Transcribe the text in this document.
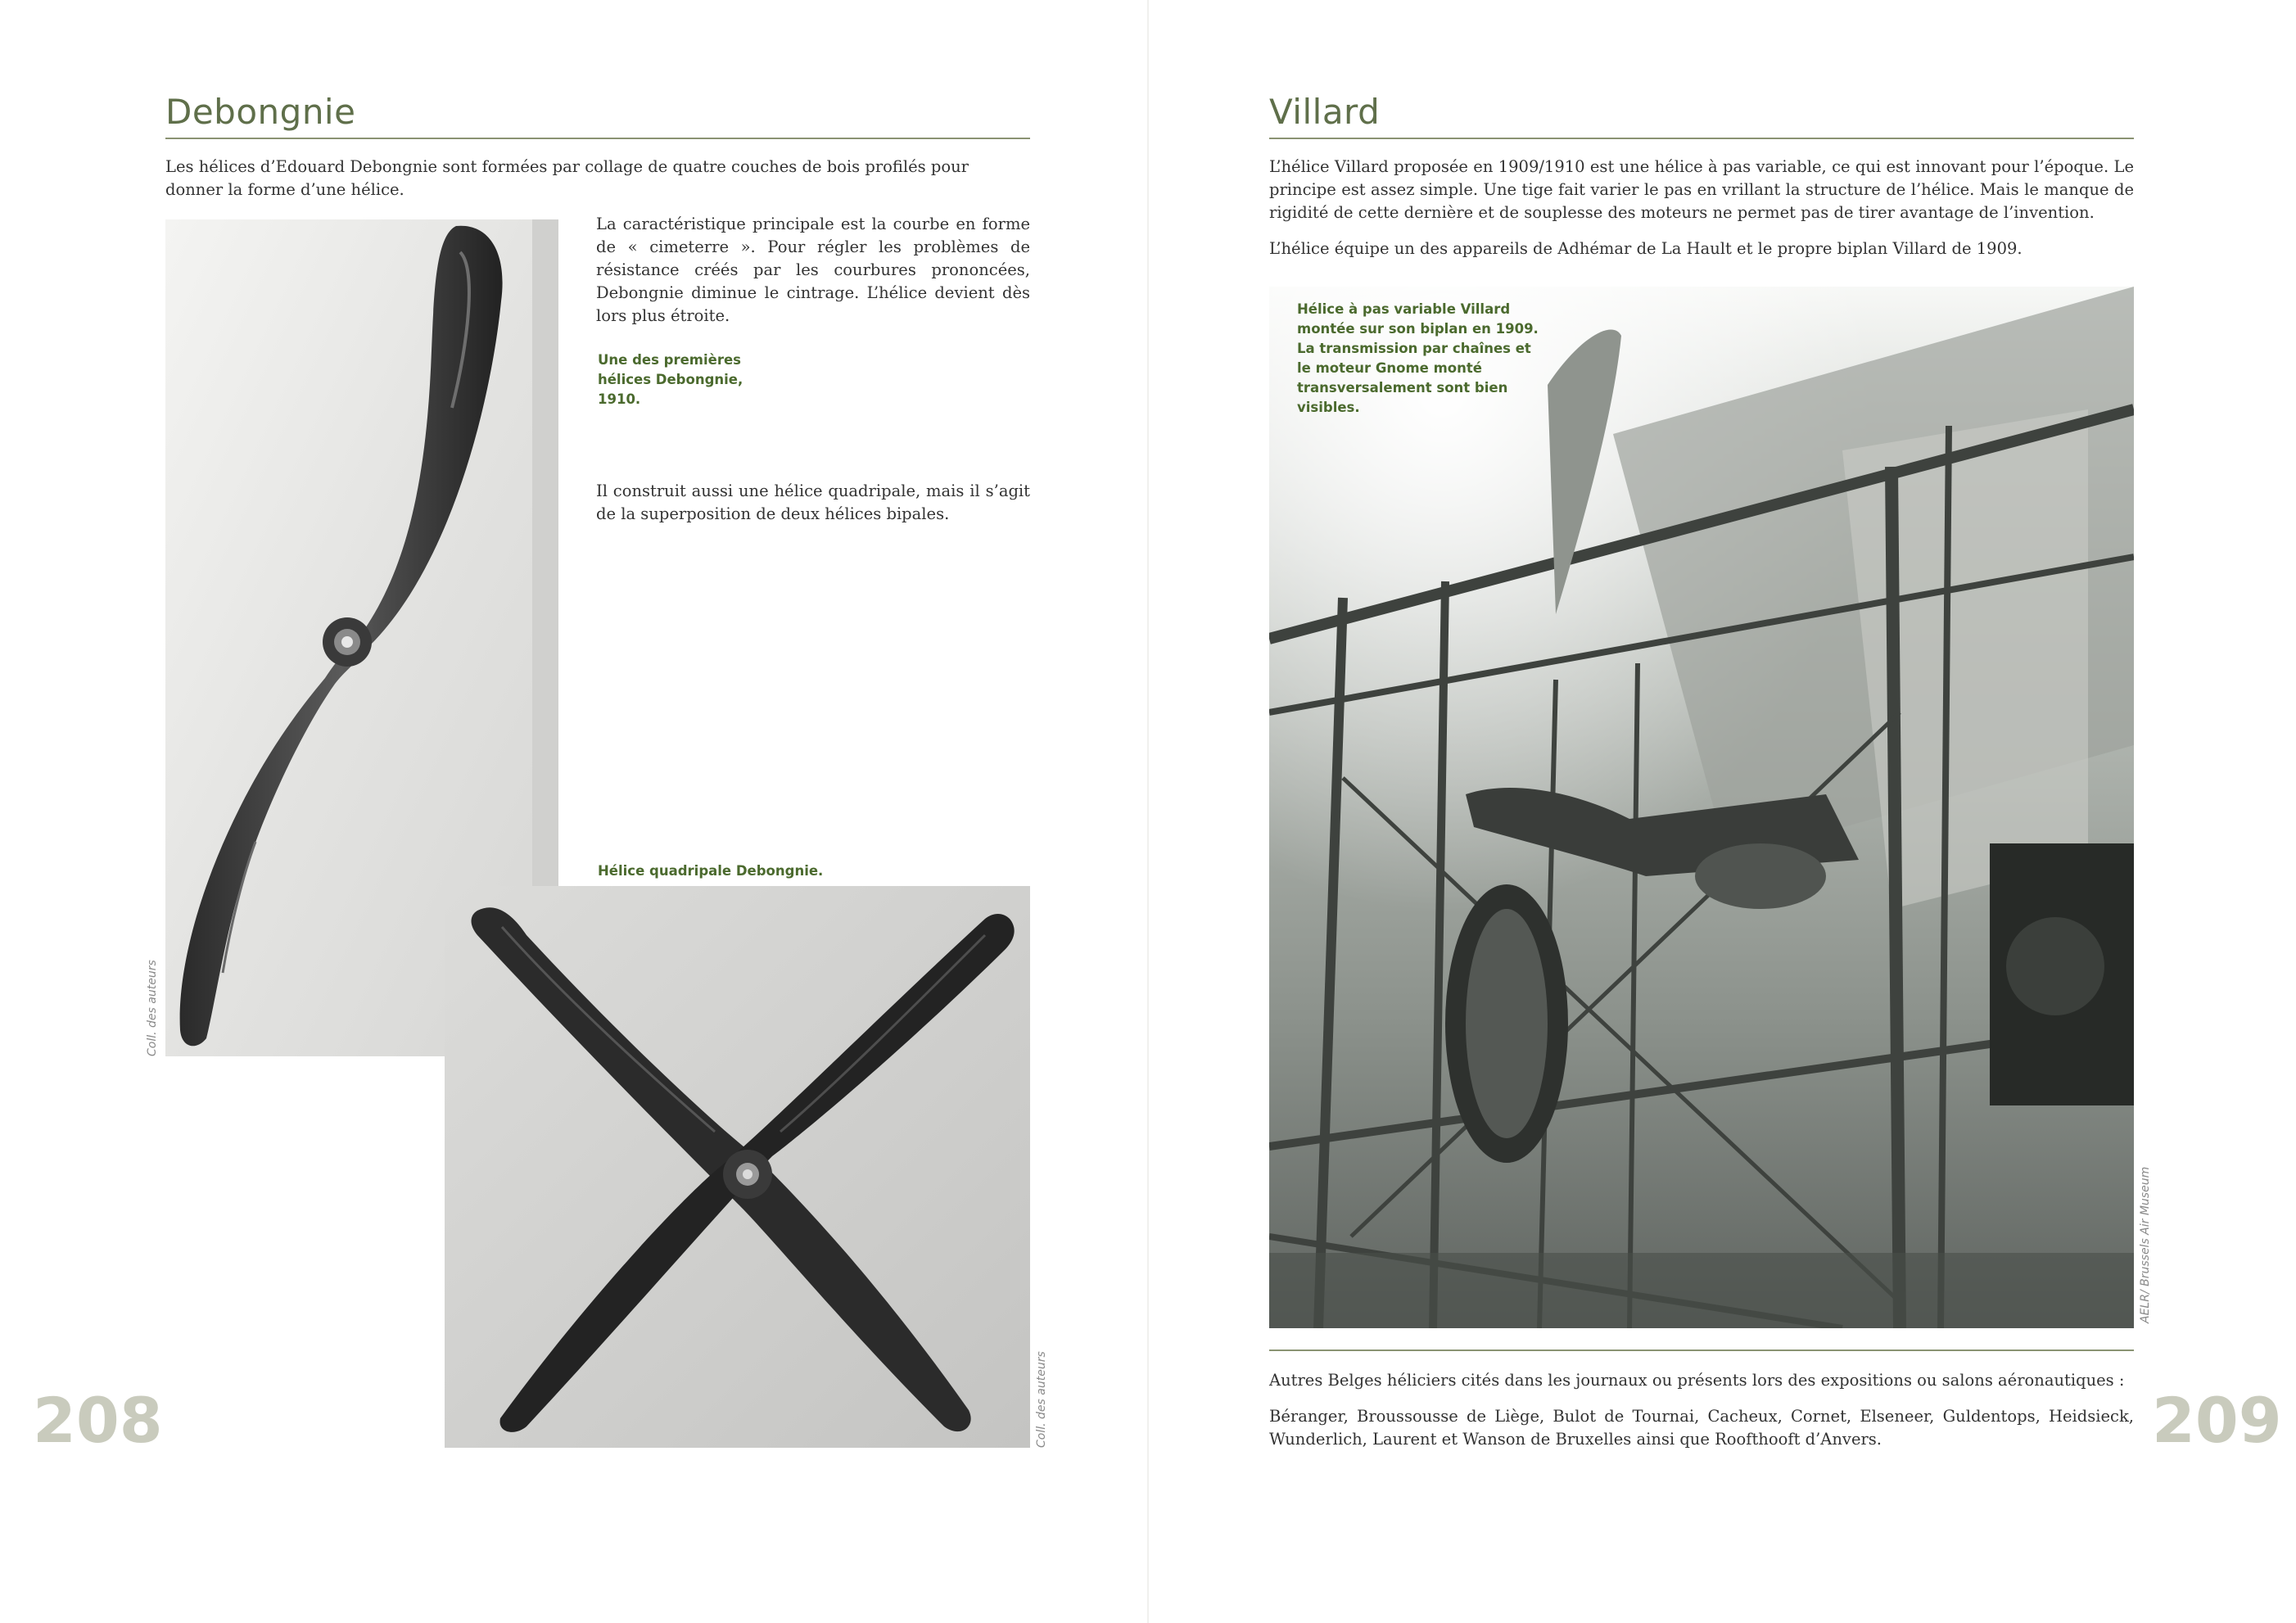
Debongnie

Les hélices d’Edouard Debongnie sont formées par collage de quatre couches de bois profilés pour donner la forme d’une hélice.

Coll. des auteurs

La caractéristique principale est la courbe en forme de « cimeterre ». Pour régler les problèmes de résistance créés par les courbures prononcées, Debongnie diminue le cintrage. L’hélice devient dès lors plus étroite.

Une des premières hélices Debongnie, 1910.

Il construit aussi une hélice quadripale, mais il s’agit de la superposition de deux hélices bipales.

Hélice quadripale Debongnie.

Coll. des auteurs
208
Villard

L’hélice Villard proposée en 1909/1910 est une hélice à pas variable, ce qui est innovant pour l’époque. Le principe est assez simple. Une tige fait varier le pas en vrillant la structure de l’hélice. Mais le manque de rigidité de cette dernière et de souplesse des moteurs ne permet pas de tirer avantage de l’invention.

L’hélice équipe un des appareils de Adhémar de La Hault et le propre biplan Villard de 1909.

Hélice à pas variable Villard montée sur son biplan en 1909. La transmission par chaînes et le moteur Gnome monté transversalement sont bien visibles.

AELR/ Brussels Air Museum

Autres Belges héliciers cités dans les journaux ou présents lors des expositions ou salons aéronautiques :

Béranger, Broussousse de Liège, Bulot de Tournai, Cacheux, Cornet, Elseneer, Guldentops, Heidsieck, Wunderlich, Laurent et Wanson de Bruxelles ainsi que Roofthooft d’Anvers.	209
